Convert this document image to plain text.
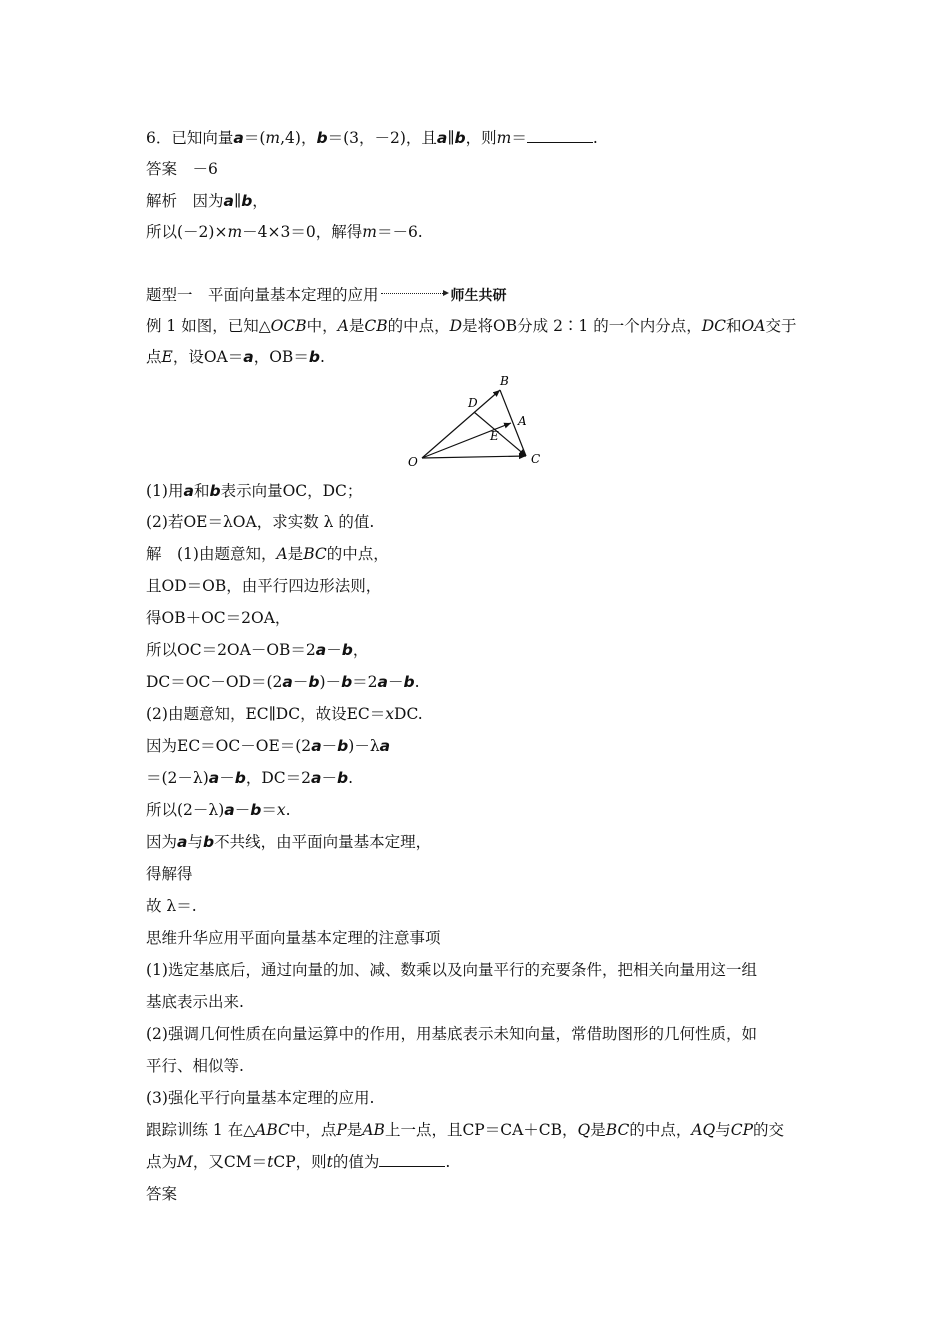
6．已知向量a＝(m,4)，b＝(3，－2)，且a∥b，则m＝	.
答案　 －6
解析　 因为a∥b，
所以(－2)×m－4×3＝0，解得m＝－6.
题型一　平面向量基本定理的应用	师生共研
例 1 如图，已知△OCB中，A是CB的中点，D是将OB分成 2∶1 的一个内分点，DC和OA交于
点E，设OA＝a，OB＝b.
B
D
A
E
O	C
(1)用a和b表示向量OC，DC；
(2)若OE＝λOA，求实数 λ 的值.
解　(1)由题意知，A是BC的中点，
且OD＝OB，由平行四边形法则，
得OB＋OC＝2OA，
所以OC＝2OA－OB＝2a－b，
DC＝OC－OD＝(2a－b)－b＝2a－b.
(2)由题意知，EC∥DC，故设EC＝xDC.
因为EC＝OC－OE＝(2a－b)－λa
＝(2－λ)a－b，DC＝2a－b.
所以(2－λ)a－b＝x.
因为a与b不共线，由平面向量基本定理，
得解得
故 λ＝.
思维升华应用平面向量基本定理的注意事项
(1)选定基底后，通过向量的加、减、数乘以及向量平行的充要条件，把相关向量用这一组
基底表示出来.
(2)强调几何性质在向量运算中的作用，用基底表示未知向量，常借助图形的几何性质，如
平行、相似等.
(3)强化平行向量基本定理的应用.
跟踪训练 1 在△ABC中，点P是AB上一点，且CP＝CA＋CB，Q是BC的中点，AQ与CP的交
点为M，又CM＝tCP，则t的值为	.
答案
